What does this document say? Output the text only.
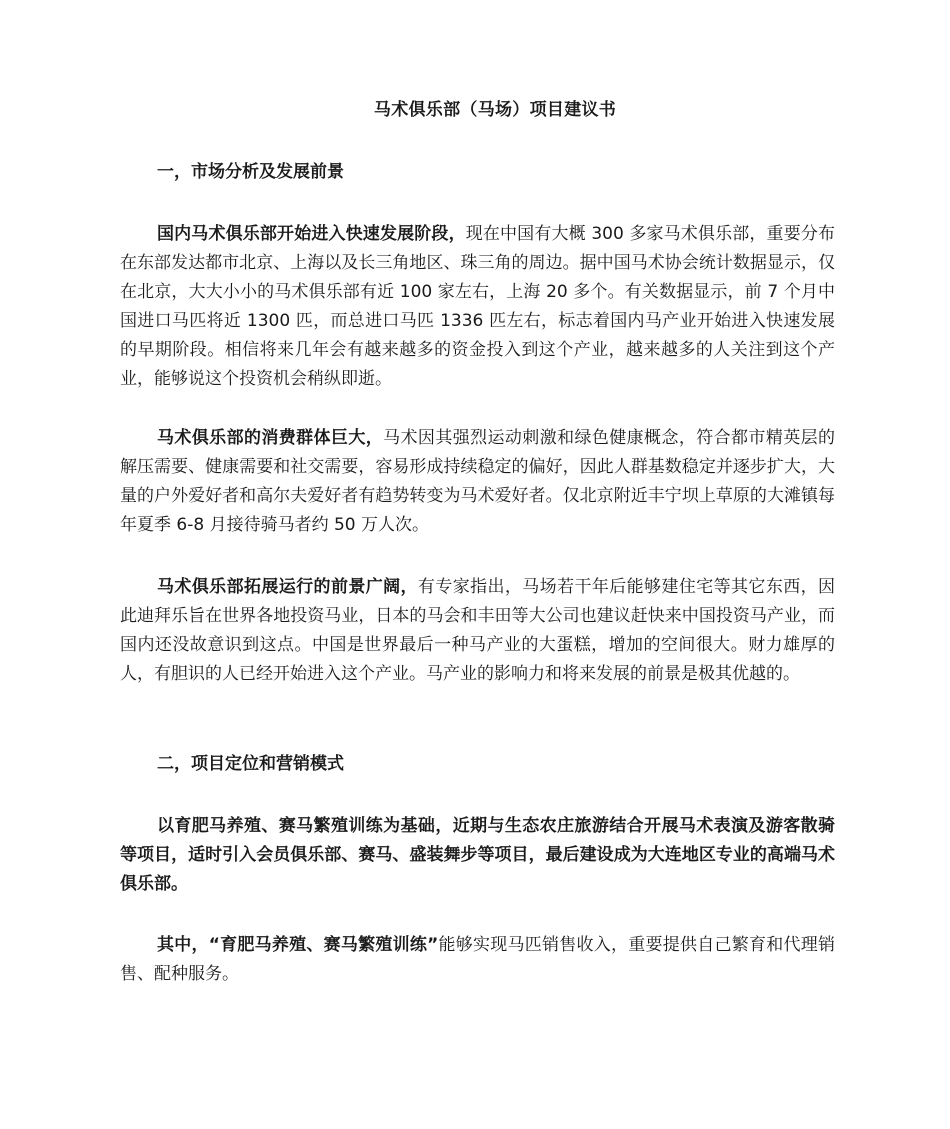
马术俱乐部（马场）项目建议书
一，市场分析及发展前景

国内马术俱乐部开始进入快速发展阶段，现在中国有大概 300 多家马术俱乐部，重要分布在东部发达都市北京、上海以及长三角地区、珠三角的周边。据中国马术协会统计数据显示，仅在北京，大大小小的马术俱乐部有近 100 家左右，上海 20 多个。有关数据显示，前 7 个月中国进口马匹将近 1300 匹，而总进口马匹 1336 匹左右，标志着国内马产业开始进入快速发展的早期阶段。相信将来几年会有越来越多的资金投入到这个产业，越来越多的人关注到这个产业，能够说这个投资机会稍纵即逝。

马术俱乐部的消费群体巨大，马术因其强烈运动刺激和绿色健康概念，符合都市精英层的解压需要、健康需要和社交需要，容易形成持续稳定的偏好，因此人群基数稳定并逐步扩大，大量的户外爱好者和高尔夫爱好者有趋势转变为马术爱好者。仅北京附近丰宁坝上草原的大滩镇每年夏季 6-8 月接待骑马者约 50 万人次。

马术俱乐部拓展运行的前景广阔，有专家指出，马场若干年后能够建住宅等其它东西，因此迪拜乐旨在世界各地投资马业，日本的马会和丰田等大公司也建议赶快来中国投资马产业，而国内还没故意识到这点。中国是世界最后一种马产业的大蛋糕，增加的空间很大。财力雄厚的人，有胆识的人已经开始进入这个产业。马产业的影响力和将来发展的前景是极其优越的。

二，项目定位和营销模式

以育肥马养殖、赛马繁殖训练为基础，近期与生态农庄旅游结合开展马术表演及游客散骑等项目，适时引入会员俱乐部、赛马、盛装舞步等项目，最后建设成为大连地区专业的高端马术俱乐部。

其中，“育肥马养殖、赛马繁殖训练”能够实现马匹销售收入，重要提供自己繁育和代理销售、配种服务。
